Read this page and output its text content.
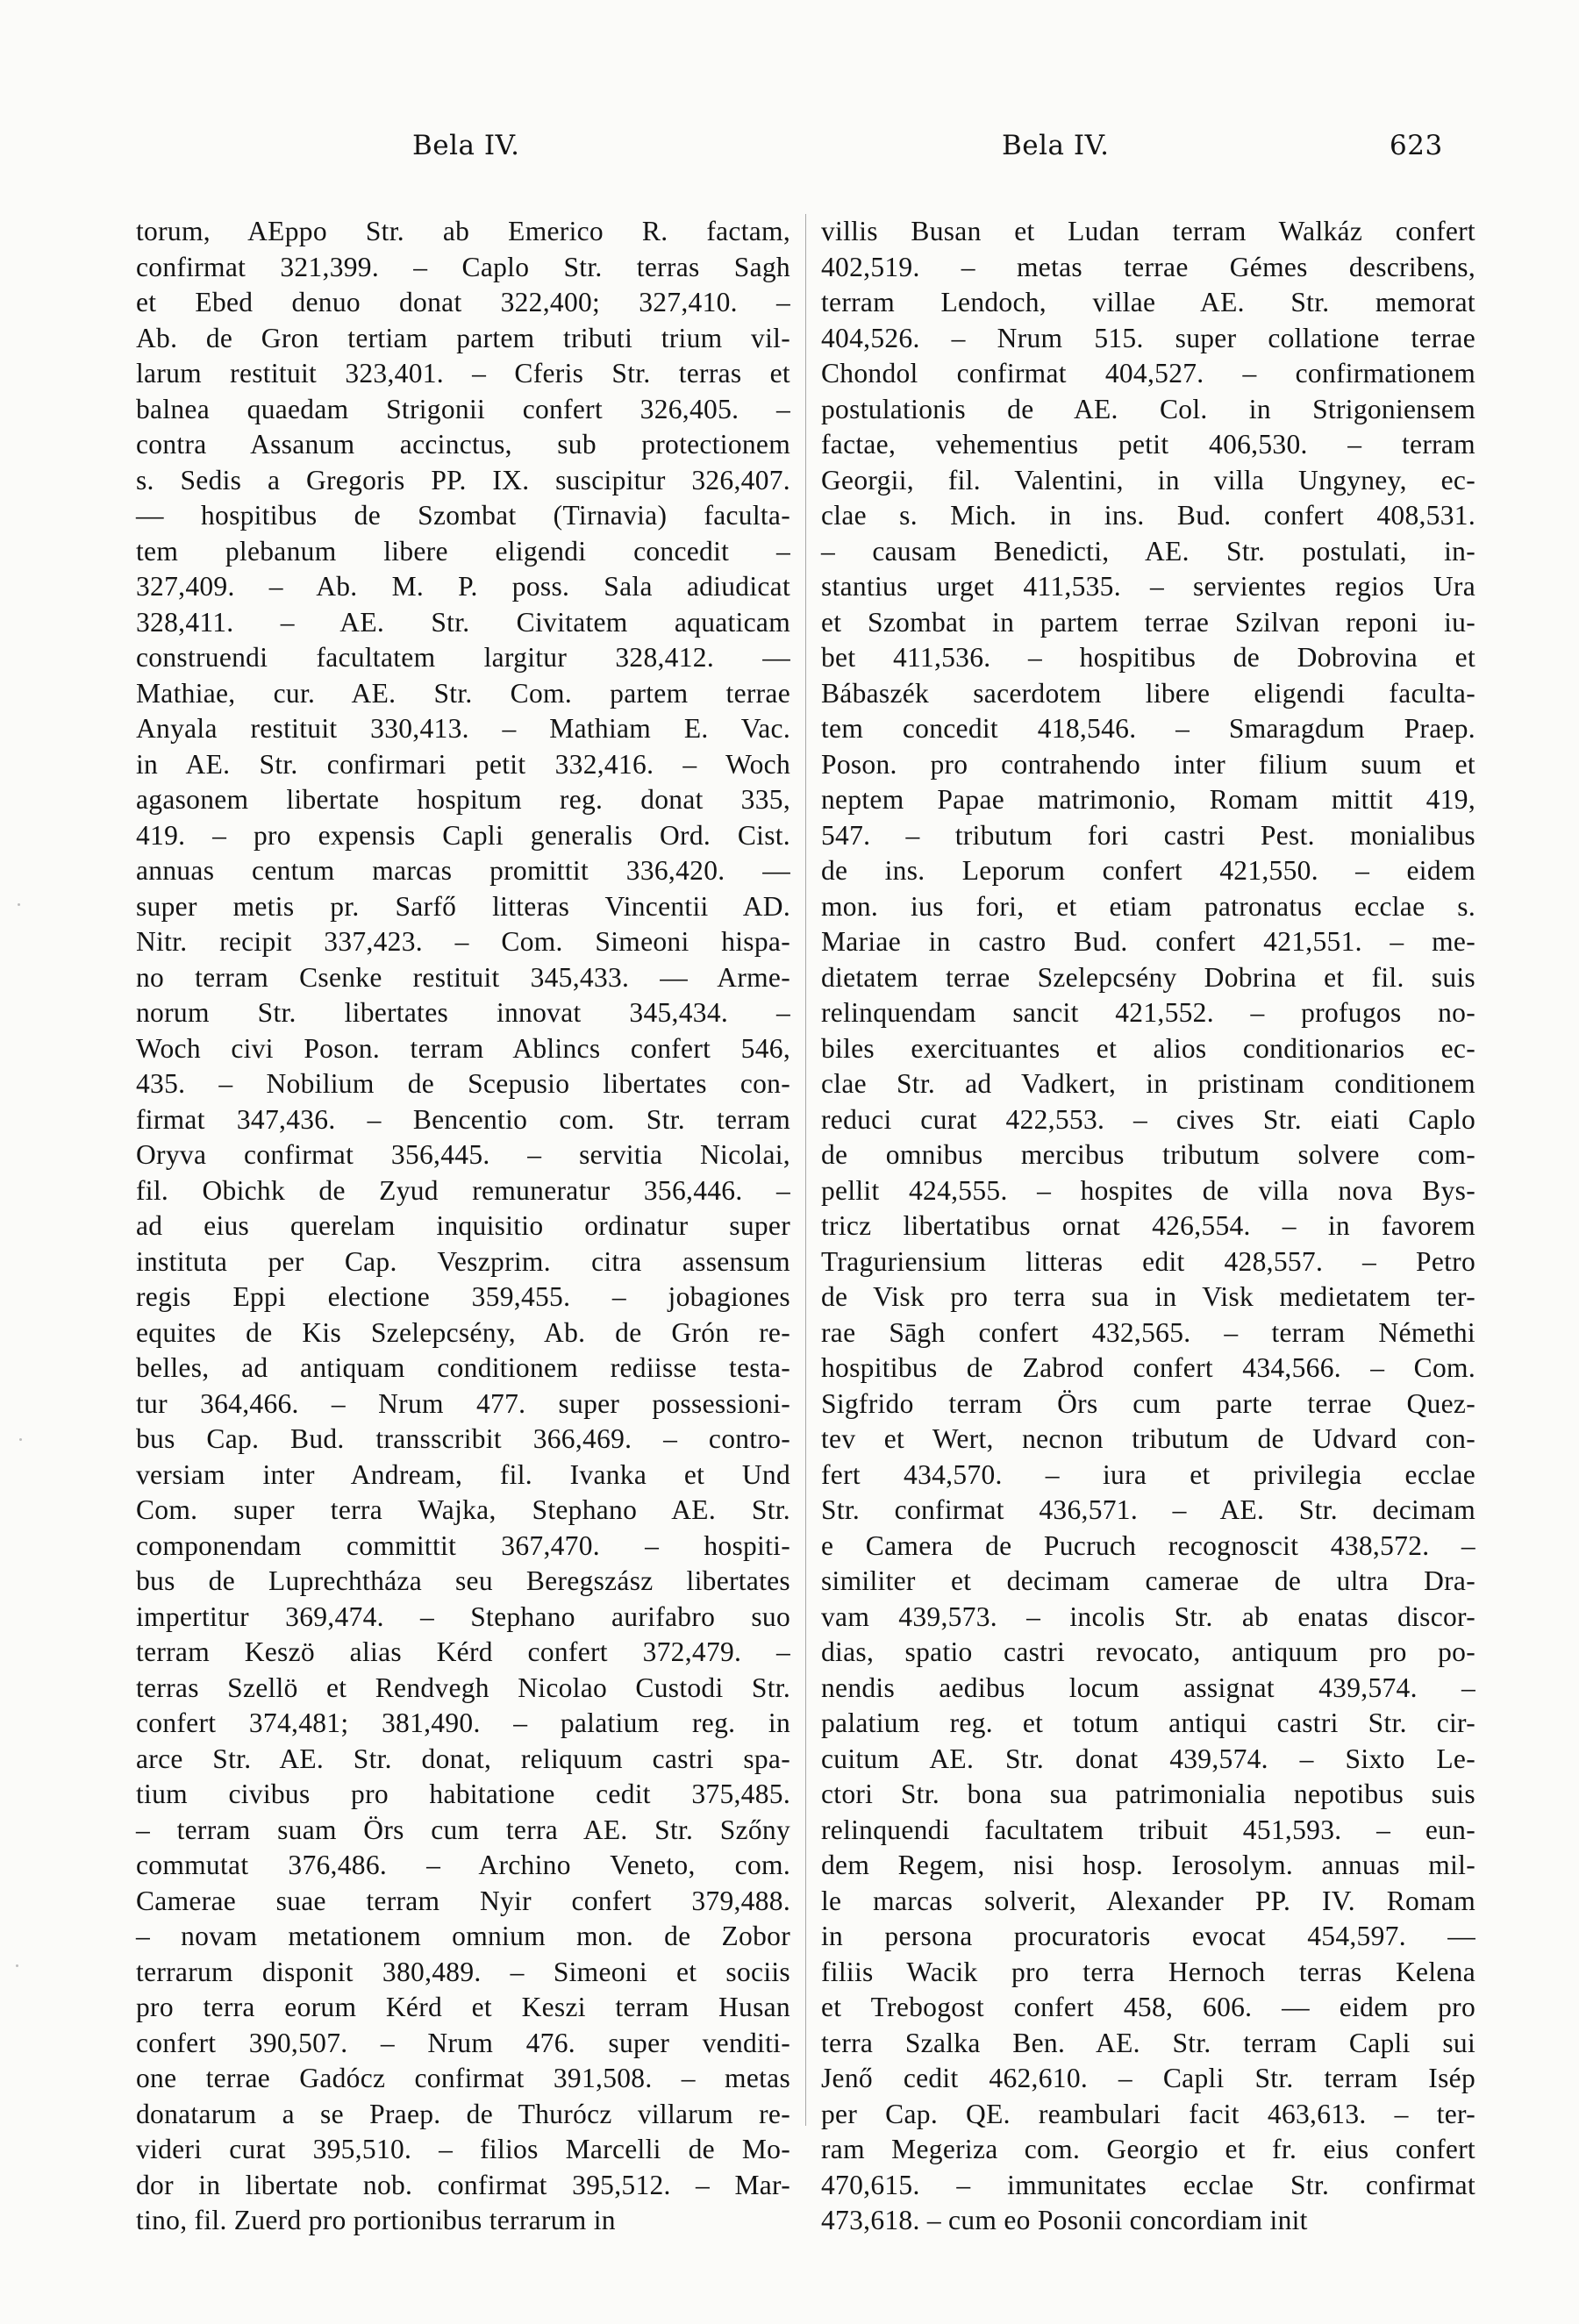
Bela IV.	Bela IV.	623
torum, AEppo Str. ab Emerico R. factam,
confirmat 321,399. – Caplo Str. terras Sagh
et Ebed denuo donat 322,400; 327,410. –
Ab. de Gron tertiam partem tributi trium vil-
larum restituit 323,401. – Cferis Str. terras et
balnea quaedam Strigonii confert 326,405. –
contra Assanum accinctus, sub protectionem
s. Sedis a Gregoris PP. IX. suscipitur 326,407.
— hospitibus de Szombat (Tirnavia) faculta-
tem plebanum libere eligendi concedit –
327,409. – Ab. M. P. poss. Sala adiudicat
328,411. – AE. Str. Civitatem aquaticam
construendi facultatem largitur 328,412. —
Mathiae, cur. AE. Str. Com. partem terrae
Anyala restituit 330,413. – Mathiam E. Vac.
in AE. Str. confirmari petit 332,416. – Woch
agasonem libertate hospitum reg. donat 335,
419. – pro expensis Capli generalis Ord. Cist.
annuas centum marcas promittit 336,420. —
super metis pr. Sarfő litteras Vincentii AD.
Nitr. recipit 337,423. – Com. Simeoni hispa-
no terram Csenke restituit 345,433. — Arme-
norum Str. libertates innovat 345,434. –
Woch civi Poson. terram Ablincs confert 546,
435. – Nobilium de Scepusio libertates con-
firmat 347,436. – Bencentio com. Str. terram
Oryva confirmat 356,445. – servitia Nicolai,
fil. Obichk de Zyud remuneratur 356,446. –
ad eius querelam inquisitio ordinatur super
instituta per Cap. Veszprim. citra assensum
regis Eppi electione 359,455. – jobagiones
equites de Kis Szelepcsény, Ab. de Grón re-
belles, ad antiquam conditionem rediisse testa-
tur 364,466. – Nrum 477. super possessioni-
bus Cap. Bud. transscribit 366,469. – contro-
versiam inter Andream, fil. Ivanka et Und
Com. super terra Wajka, Stephano AE. Str.
componendam committit 367,470. – hospiti-
bus de Luprechtháza seu Beregszász libertates
impertitur 369,474. – Stephano aurifabro suo
terram Keszö alias Kérd confert 372,479. –
terras Szellö et Rendvegh Nicolao Custodi Str.
confert 374,481; 381,490. – palatium reg. in
arce Str. AE. Str. donat, reliquum castri spa-
tium civibus pro habitatione cedit 375,485.
– terram suam Örs cum terra AE. Str. Szőny
commutat 376,486. – Archino Veneto, com.
Camerae suae terram Nyir confert 379,488.
– novam metationem omnium mon. de Zobor
terrarum disponit 380,489. – Simeoni et sociis
pro terra eorum Kérd et Keszi terram Husan
confert 390,507. – Nrum 476. super venditi-
one terrae Gadócz confirmat 391,508. – metas
donatarum a se Praep. de Thurócz villarum re-
videri curat 395,510. – filios Marcelli de Mo-
dor in libertate nob. confirmat 395,512. – Mar-
tino, fil. Zuerd pro portionibus terrarum in
villis Busan et Ludan terram Walkáz confert
402,519. – metas terrae Gémes describens,
terram Lendoch, villae AE. Str. memorat
404,526. – Nrum 515. super collatione terrae
Chondol confirmat 404,527. – confirmationem
postulationis de AE. Col. in Strigoniensem
factae, vehementius petit 406,530. – terram
Georgii, fil. Valentini, in villa Ungyney, ec-
clae s. Mich. in ins. Bud. confert 408,531.
– causam Benedicti, AE. Str. postulati, in-
stantius urget 411,535. – servientes regios Ura
et Szombat in partem terrae Szilvan reponi iu-
bet 411,536. – hospitibus de Dobrovina et
Bábaszék sacerdotem libere eligendi faculta-
tem concedit 418,546. – Smaragdum Praep.
Poson. pro contrahendo inter filium suum et
neptem Papae matrimonio, Romam mittit 419,
547. – tributum fori castri Pest. monialibus
de ins. Leporum confert 421,550. – eidem
mon. ius fori, et etiam patronatus ecclae s.
Mariae in castro Bud. confert 421,551. – me-
dietatem terrae Szelepcsény Dobrina et fil. suis
relinquendam sancit 421,552. – profugos no-
biles exercituantes et alios conditionarios ec-
clae Str. ad Vadkert, in pristinam conditionem
reduci curat 422,553. – cives Str. eiati Caplo
de omnibus mercibus tributum solvere com-
pellit 424,555. – hospites de villa nova Bys-
tricz libertatibus ornat 426,554. – in favorem
Traguriensium litteras edit 428,557. – Petro
de Visk pro terra sua in Visk medietatem ter-
rae Sāgh confert 432,565. – terram Némethi
hospitibus de Zabrod confert 434,566. – Com.
Sigfrido terram Örs cum parte terrae Quez-
tev et Wert, necnon tributum de Udvard con-
fert 434,570. – iura et privilegia ecclae
Str. confirmat 436,571. – AE. Str. decimam
e Camera de Pucruch recognoscit 438,572. –
similiter et decimam camerae de ultra Dra-
vam 439,573. – incolis Str. ab enatas discor-
dias, spatio castri revocato, antiquum pro po-
nendis aedibus locum assignat 439,574. –
palatium reg. et totum antiqui castri Str. cir-
cuitum AE. Str. donat 439,574. – Sixto Le-
ctori Str. bona sua patrimonialia nepotibus suis
relinquendi facultatem tribuit 451,593. – eun-
dem Regem, nisi hosp. Ierosolym. annuas mil-
le marcas solverit, Alexander PP. IV. Romam
in persona procuratoris evocat 454,597. —
filiis Wacik pro terra Hernoch terras Kelena
et Trebogost confert 458, 606. — eidem pro
terra Szalka Ben. AE. Str. terram Capli sui
Jenő cedit 462,610. – Capli Str. terram Isép
per Cap. QE. reambulari facit 463,613. – ter-
ram Megeriza com. Georgio et fr. eius confert
470,615. – immunitates ecclae Str. confirmat
473,618. – cum eo Posonii concordiam init
